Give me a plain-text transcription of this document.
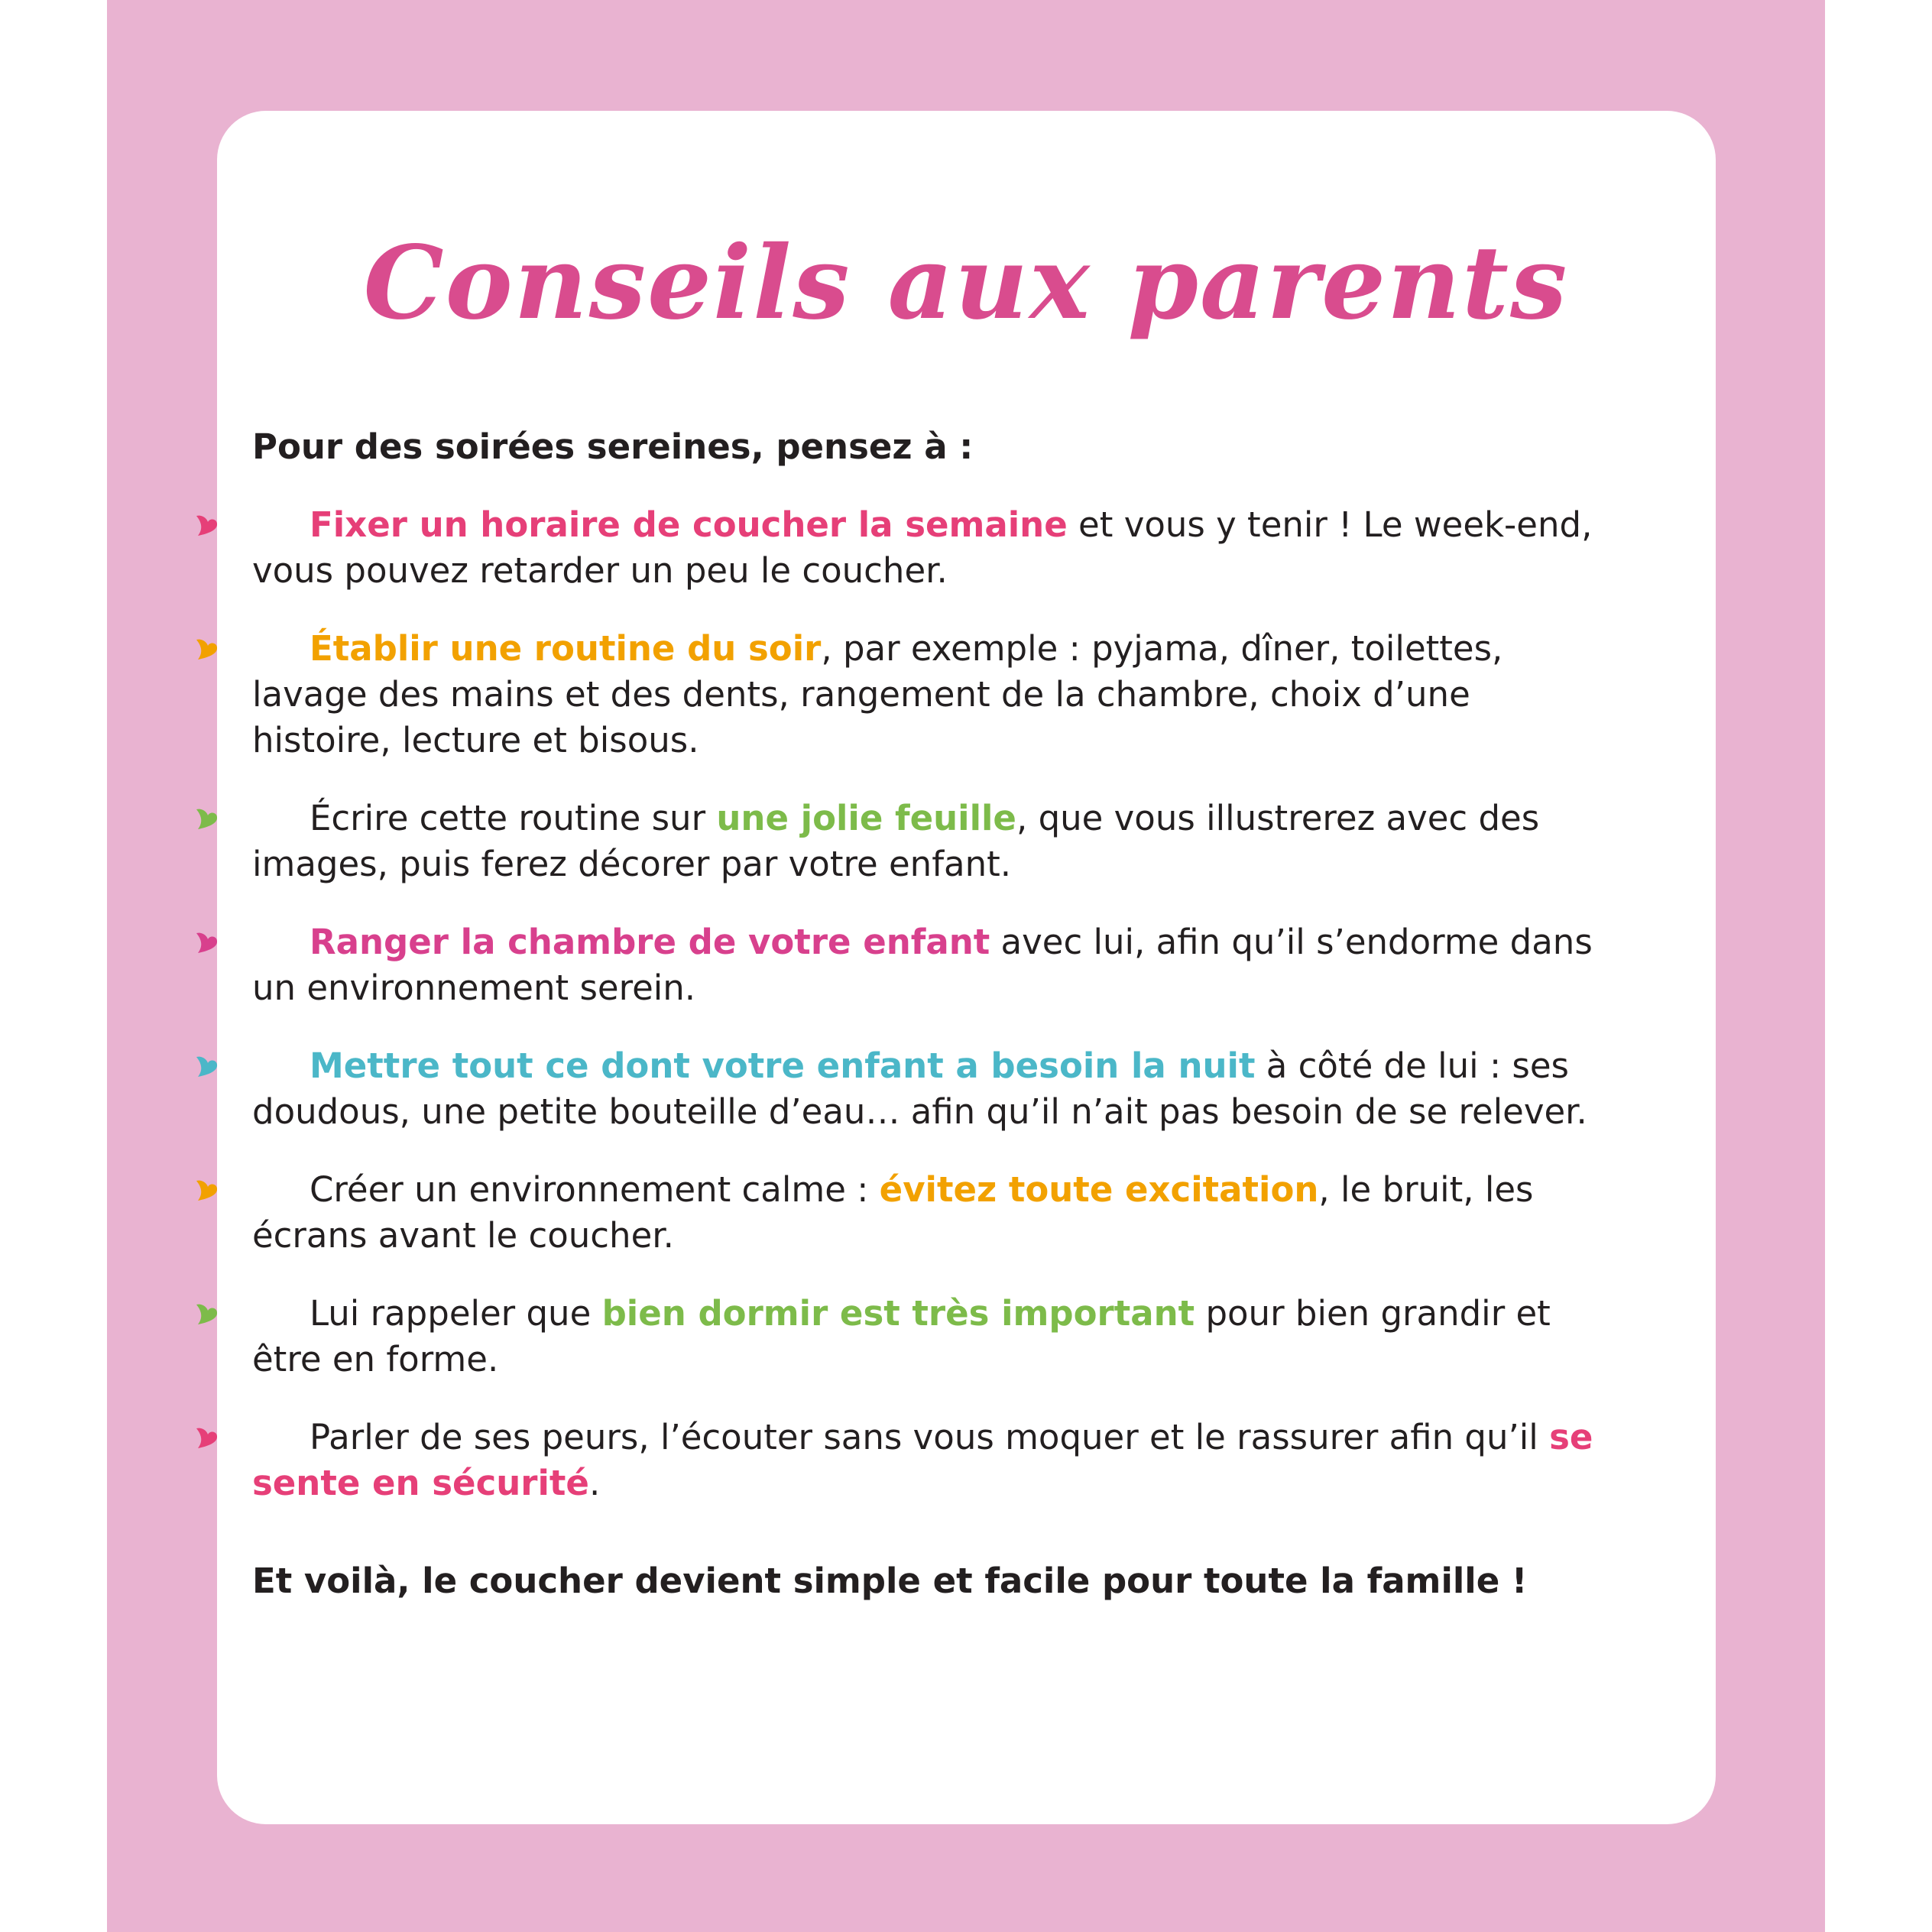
Conseils aux parents

Pour des soirées sereines, pensez à :

Fixer un horaire de coucher la semaine et vous y tenir ! Le week-end, vous pouvez retarder un peu le coucher.

Établir une routine du soir, par exemple : pyjama, dîner, toilettes, lavage des mains et des dents, rangement de la chambre, choix d’une histoire, lecture et bisous.

Écrire cette routine sur une jolie feuille, que vous illustrerez avec des images, puis ferez décorer par votre enfant.

Ranger la chambre de votre enfant avec lui, afin qu’il s’endorme dans un environnement serein.

Mettre tout ce dont votre enfant a besoin la nuit à côté de lui : ses doudous, une petite bouteille d’eau… afin qu’il n’ait pas besoin de se relever.

Créer un environnement calme : évitez toute excitation, le bruit, les écrans avant le coucher.

Lui rappeler que bien dormir est très important pour bien grandir et être en forme.

Parler de ses peurs, l’écouter sans vous moquer et le rassurer afin qu’il se sente en sécurité.

Et voilà, le coucher devient simple et facile pour toute la famille !
